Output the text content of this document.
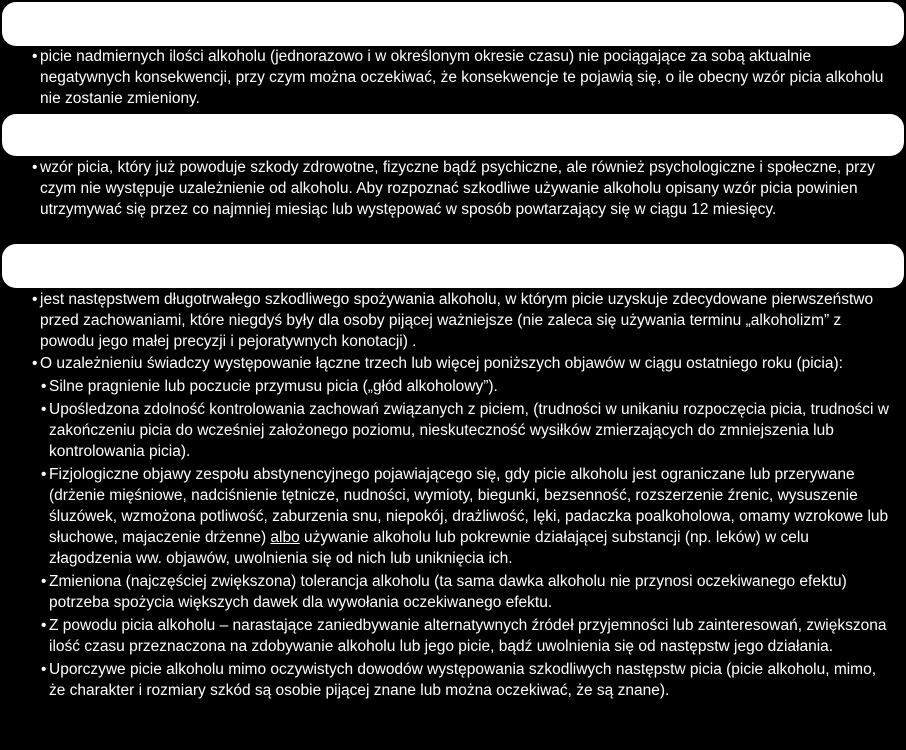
• picie nadmiernych ilości alkoholu (jednorazowo i w określonym okresie czasu) nie pociągające za sobą aktualnie negatywnych konsekwencji, przy czym można oczekiwać, że konsekwencje te pojawią się, o ile obecny wzór picia alkoholu nie zostanie zmieniony.
• wzór picia, który już powoduje szkody zdrowotne, fizyczne bądź psychiczne, ale również psychologiczne i społeczne, przy czym nie występuje uzależnienie od alkoholu. Aby rozpoznać szkodliwe używanie alkoholu opisany wzór picia powinien utrzymywać się przez co najmniej miesiąc lub występować w sposób powtarzający się w ciągu 12 miesięcy.
• jest następstwem długotrwałego szkodliwego spożywania alkoholu, w którym picie uzyskuje zdecydowane pierwszeństwo przed zachowaniami, które niegdyś były dla osoby pijącej ważniejsze (nie zaleca się używania terminu „alkoholizm” z powodu jego małej precyzji i pejoratywnych konotacji) .
• O uzależnieniu świadczy występowanie łączne trzech lub więcej poniższych objawów w ciągu ostatniego roku (picia):
• Silne pragnienie lub poczucie przymusu picia („głód alkoholowy”).
• Upośledzona zdolność kontrolowania zachowań związanych z piciem, (trudności w unikaniu rozpoczęcia picia, trudności w zakończeniu picia do wcześniej założonego poziomu, nieskuteczność wysiłków zmierzających do zmniejszenia lub kontrolowania picia).
• Fizjologiczne objawy zespołu abstynencyjnego pojawiającego się, gdy picie alkoholu jest ograniczane lub przerywane (drżenie mięśniowe, nadciśnienie tętnicze, nudności, wymioty, biegunki, bezsenność, rozszerzenie źrenic, wysuszenie śluzówek, wzmożona potliwość, zaburzenia snu, niepokój, drażliwość, lęki, padaczka poalkoholowa, omamy wzrokowe lub słuchowe, majaczenie drżenne) albo używanie alkoholu lub pokrewnie działającej substancji (np. leków) w celu złagodzenia ww. objawów, uwolnienia się od nich lub uniknięcia ich.
• Zmieniona (najczęściej zwiększona) tolerancja alkoholu (ta sama dawka alkoholu nie przynosi oczekiwanego efektu) potrzeba spożycia większych dawek dla wywołania oczekiwanego efektu.
• Z powodu picia alkoholu – narastające zaniedbywanie alternatywnych źródeł przyjemności lub zainteresowań, zwiększona ilość czasu przeznaczona na zdobywanie alkoholu lub jego picie, bądź uwolnienia się od następstw jego działania.
• Uporczywe picie alkoholu mimo oczywistych dowodów występowania szkodliwych następstw picia (picie alkoholu, mimo, że charakter i rozmiary szkód są osobie pijącej znane lub można oczekiwać, że są znane).
